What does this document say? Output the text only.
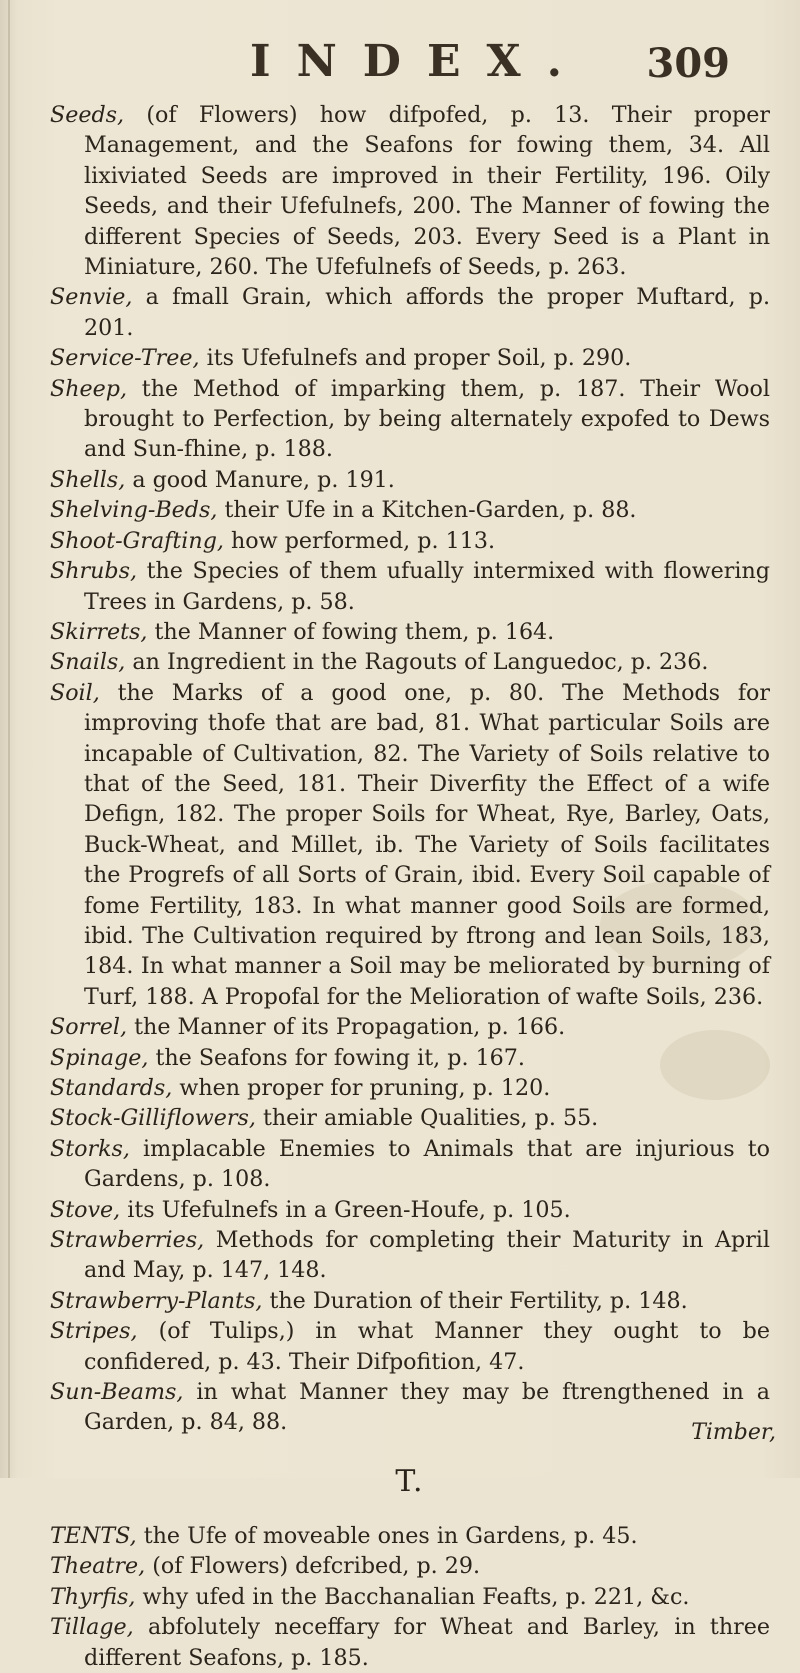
INDEX. 309

Seeds, (of Flowers) how difpofed, p. 13. Their proper Management, and the Seafons for fowing them, 34. All lixiviated Seeds are improved in their Fertility, 196. Oily Seeds, and their Ufefulnefs, 200. The Manner of fowing the different Species of Seeds, 203. Every Seed is a Plant in Miniature, 260. The Ufefulnefs of Seeds, p. 263.

Senvie, a fmall Grain, which affords the proper Muftard, p. 201.

Service-Tree, its Ufefulnefs and proper Soil, p. 290.

Sheep, the Method of imparking them, p. 187. Their Wool brought to Perfection, by being alternately expofed to Dews and Sun-fhine, p. 188.

Shells, a good Manure, p. 191.

Shelving-Beds, their Ufe in a Kitchen-Garden, p. 88.

Shoot-Grafting, how performed, p. 113.

Shrubs, the Species of them ufually intermixed with flowering Trees in Gardens, p. 58.

Skirrets, the Manner of fowing them, p. 164.

Snails, an Ingredient in the Ragouts of Languedoc, p. 236.

Soil, the Marks of a good one, p. 80. The Methods for improving thofe that are bad, 81. What particular Soils are incapable of Cultivation, 82. The Variety of Soils relative to that of the Seed, 181. Their Diverfity the Effect of a wife Defign, 182. The proper Soils for Wheat, Rye, Barley, Oats, Buck-Wheat, and Millet, ib. The Variety of Soils facilitates the Progrefs of all Sorts of Grain, ibid. Every Soil capable of fome Fertility, 183. In what manner good Soils are formed, ibid. The Cultivation required by ftrong and lean Soils, 183, 184. In what manner a Soil may be meliorated by burning of Turf, 188. A Propofal for the Melioration of wafte Soils, 236.

Sorrel, the Manner of its Propagation, p. 166.

Spinage, the Seafons for fowing it, p. 167.

Standards, when proper for pruning, p. 120.

Stock-Gilliflowers, their amiable Qualities, p. 55.

Storks, implacable Enemies to Animals that are injurious to Gardens, p. 108.

Stove, its Ufefulnefs in a Green-Houfe, p. 105.

Strawberries, Methods for completing their Maturity in April and May, p. 147, 148.

Strawberry-Plants, the Duration of their Fertility, p. 148.

Stripes, (of Tulips,) in what Manner they ought to be confidered, p. 43. Their Difpofition, 47.

Sun-Beams, in what Manner they may be ftrengthened in a Garden, p. 84, 88.

T.

TENTS, the Ufe of moveable ones in Gardens, p. 45.

Theatre, (of Flowers) defcribed, p. 29.

Thyrfis, why ufed in the Bacchanalian Feafts, p. 221, &c.

Tillage, abfolutely neceffary for Wheat and Barley, in three different Seafons, p. 185.

Timber,
